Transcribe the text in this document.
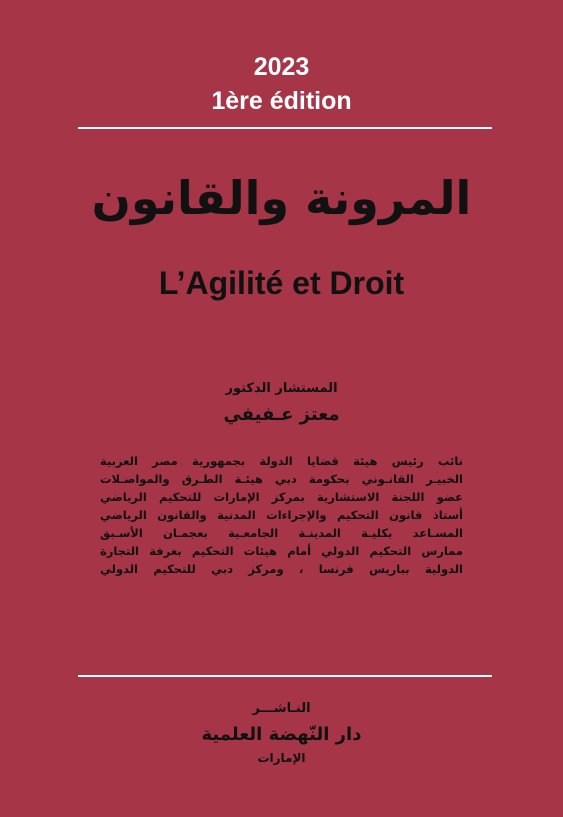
2023
1ère édition
المرونة والقانون
L’Agilité et Droit
المستشار الدكتور
معتز عـفيفي
نائب رئيس هيئة قضايا الدولة بجمهورية مصر العربية
الخبيـر القانـوني بحكومة دبي هيئـة الطـرق والمواصـلات
عضو اللجنة الاستشارية بمركز الإمارات للتحكيم الرياضي
أستاذ قانون التحكيم والإجراءات المدنية والقانون الرياضي
المسـاعد بكليـة المدينـة الجامعـية بعجمـان الأسـبق
ممارس التحكيم الدولي أمام هيئات التحكيم بغرفة التجارة
الدولية بباريس فرنسا ، ومركز دبي للتحكيم الدولي
النـاشـــر
دار النّهضة العلمية
الإمارات
